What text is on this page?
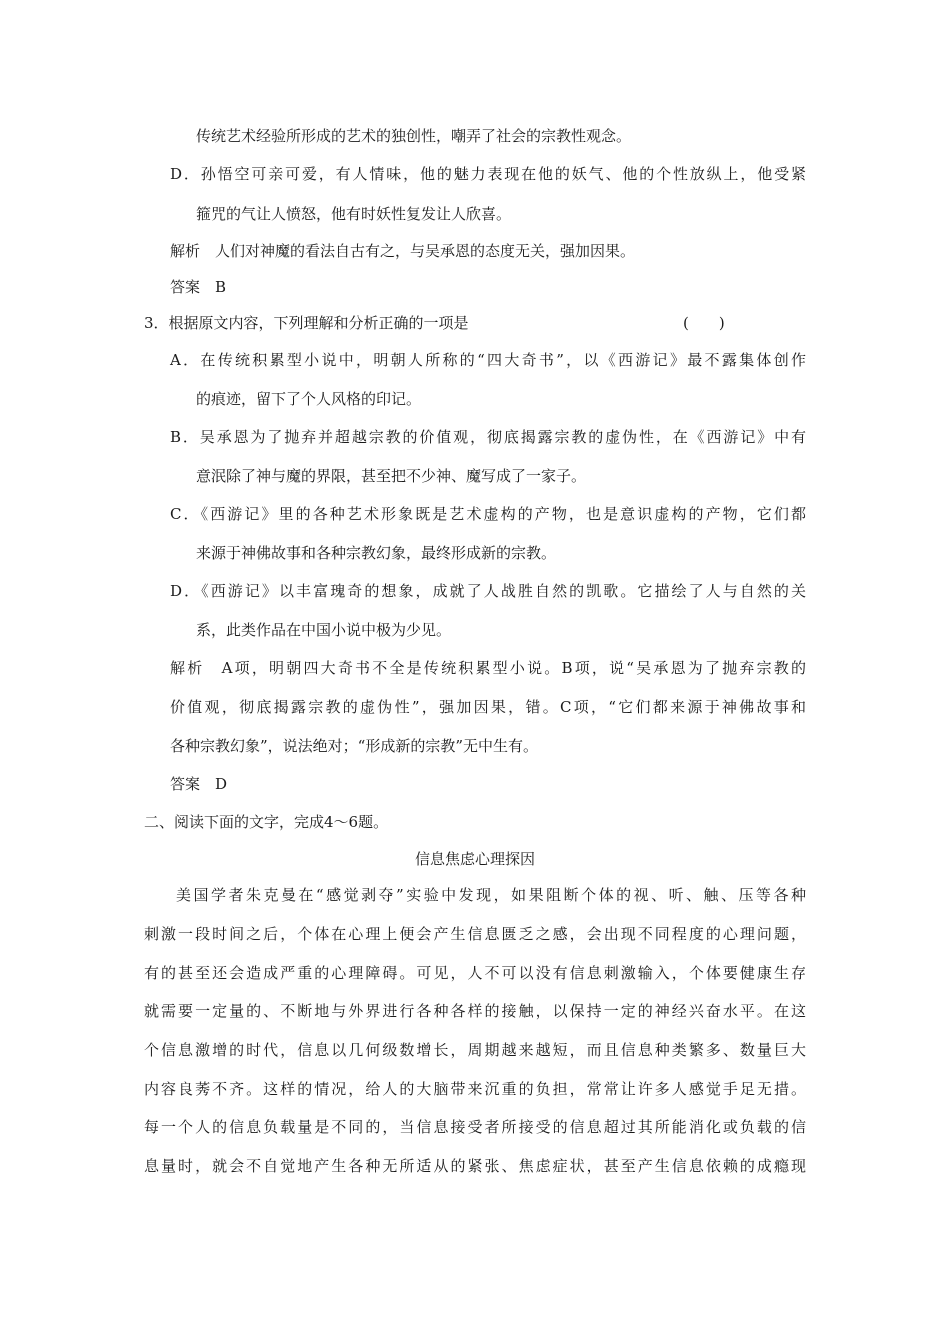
传统艺术经验所形成的艺术的独创性，嘲弄了社会的宗教性观念。
D．孙悟空可亲可爱，有人情味，他的魅力表现在他的妖气、他的个性放纵上，他受紧
箍咒的气让人愤怒，他有时妖性复发让人欣喜。
解析　人们对神魔的看法自古有之，与吴承恩的态度无关，强加因果。
答案　B
3．根据原文内容，下列理解和分析正确的一项是	(　　)
A．在传统积累型小说中，明朝人所称的“四大奇书”，以《西游记》最不露集体创作
的痕迹，留下了个人风格的印记。
B．吴承恩为了抛弃并超越宗教的价值观，彻底揭露宗教的虚伪性，在《西游记》中有
意泯除了神与魔的界限，甚至把不少神、魔写成了一家子。
C．《西游记》里的各种艺术形象既是艺术虚构的产物，也是意识虚构的产物，它们都
来源于神佛故事和各种宗教幻象，最终形成新的宗教。
D．《西游记》以丰富瑰奇的想象，成就了人战胜自然的凯歌。它描绘了人与自然的关
系，此类作品在中国小说中极为少见。
解析　A项，明朝四大奇书不全是传统积累型小说。B项，说“吴承恩为了抛弃宗教的
价值观，彻底揭露宗教的虚伪性”，强加因果，错。C项，“它们都来源于神佛故事和
各种宗教幻象”，说法绝对；“形成新的宗教”无中生有。
答案　D
二、阅读下面的文字，完成4～6题。
信息焦虑心理探因
美国学者朱克曼在“感觉剥夺”实验中发现，如果阻断个体的视、听、触、压等各种
刺激一段时间之后，个体在心理上便会产生信息匮乏之感，会出现不同程度的心理问题，
有的甚至还会造成严重的心理障碍。可见，人不可以没有信息刺激输入，个体要健康生存
就需要一定量的、不断地与外界进行各种各样的接触，以保持一定的神经兴奋水平。在这
个信息激增的时代，信息以几何级数增长，周期越来越短，而且信息种类繁多、数量巨大
内容良莠不齐。这样的情况，给人的大脑带来沉重的负担，常常让许多人感觉手足无措。
每一个人的信息负载量是不同的，当信息接受者所接受的信息超过其所能消化或负载的信
息量时，就会不自觉地产生各种无所适从的紧张、焦虑症状，甚至产生信息依赖的成瘾现
